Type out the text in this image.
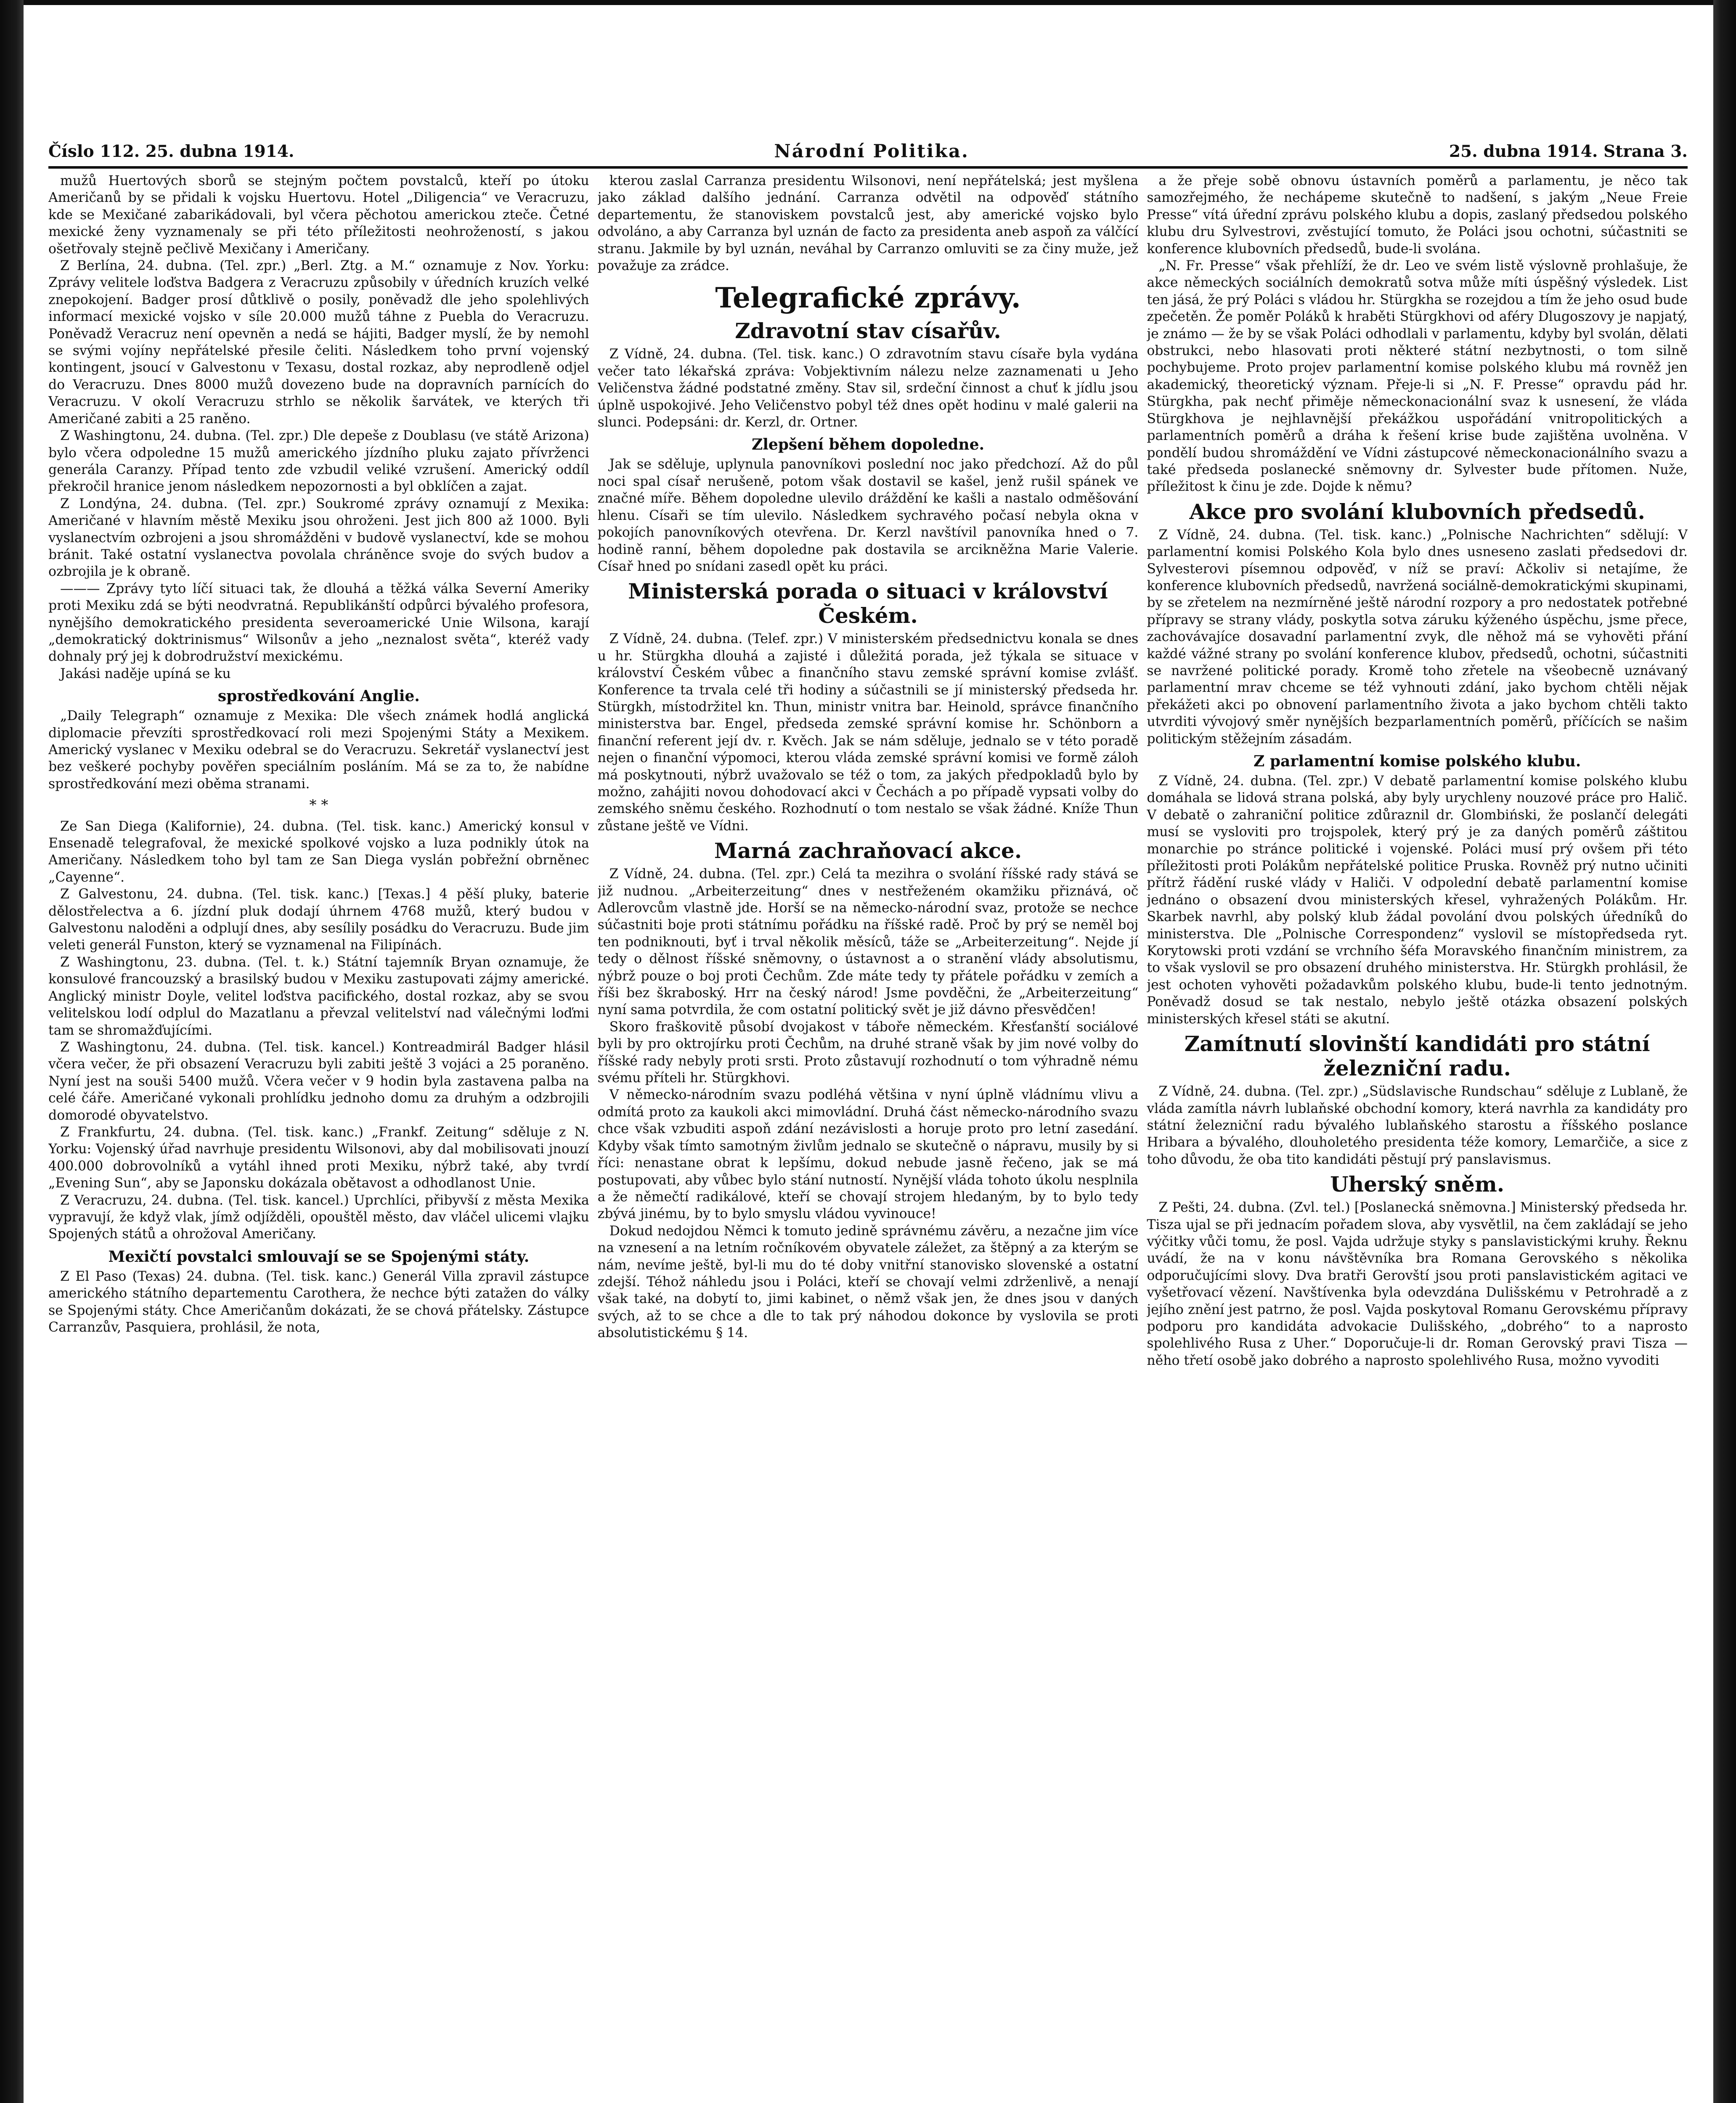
Číslo 112. 25. dubna 1914.	Národní Politika.	25. dubna 1914. Strana 3.

mužů Huertových sborů se stejným počtem povstalců, kteří po útoku Američanů by se přidali k vojsku Huertovu. Hotel „Diligencia“ ve Veracruzu, kde se Mexičané zabarikádovali, byl včera pěchotou americkou zteče. Četné mexické ženy vyznamenaly se při této příležitosti neohrožeností, s jakou ošetřovaly stejně pečlivě Mexičany i Američany.

Z Berlína, 24. dubna. (Tel. zpr.) „Berl. Ztg. a M.“ oznamuje z Nov. Yorku: Zprávy velitele loďstva Badgera z Veracruzu způsobily v úředních kruzích velké znepokojení. Badger prosí důtklivě o posily, poněvadž dle jeho spolehlivých informací mexické vojsko v síle 20.000 mužů táhne z Puebla do Veracruzu. Poněvadž Veracruz není opevněn a nedá se hájiti, Badger myslí, že by nemohl se svými vojíny nepřátelské přesile čeliti. Následkem toho první vojenský kontingent, jsoucí v Galvestonu v Texasu, dostal rozkaz, aby neprodleně odjel do Veracruzu. Dnes 8000 mužů dovezeno bude na dopravních parnících do Veracruzu. V okolí Veracruzu strhlo se několik šarvátek, ve kterých tři Američané zabiti a 25 raněno.

Z Washingtonu, 24. dubna. (Tel. zpr.) Dle depeše z Doublasu (ve státě Arizona) bylo včera odpoledne 15 mužů amerického jízdního pluku zajato přívrženci generála Caranzy. Případ tento zde vzbudil veliké vzrušení. Americký oddíl překročil hranice jenom následkem nepozornosti a byl obklíčen a zajat.

Z Londýna, 24. dubna. (Tel. zpr.) Soukromé zprávy oznamují z Mexika: Američané v hlavním městě Mexiku jsou ohroženi. Jest jich 800 až 1000. Byli vyslanectvím ozbrojeni a jsou shromážděni v budově vyslanectví, kde se mohou bránit. Také ostatní vyslanectva povolala chráněnce svoje do svých budov a ozbrojila je k obraně.

——— Zprávy tyto líčí situaci tak, že dlouhá a těžká válka Severní Ameriky proti Mexiku zdá se býti neodvratná. Republikánští odpůrci bývalého profesora, nynějšího demokratického presidenta severoamerické Unie Wilsona, karají „demokratický doktrinismus“ Wilsonův a jeho „neznalost světa“, kteréž vady dohnaly prý jej k dobrodružství mexickému.

Jakási naděje upíná se ku

sprostředkování Anglie.

„Daily Telegraph“ oznamuje z Mexika: Dle všech známek hodlá anglická diplomacie převzíti sprostředkovací roli mezi Spojenými Státy a Mexikem. Americký vyslanec v Mexiku odebral se do Veracruzu. Sekretář vyslanectví jest bez veškeré pochyby pověřen speciálním posláním. Má se za to, že nabídne sprostředkování mezi oběma stranami.

* *

Ze San Diega (Kalifornie), 24. dubna. (Tel. tisk. kanc.) Americký konsul v Ensenadě telegrafoval, že mexické spolkové vojsko a luza podnikly útok na Američany. Následkem toho byl tam ze San Diega vyslán pobřežní obrněnec „Cayenne“.

Z Galvestonu, 24. dubna. (Tel. tisk. kanc.) [Texas.] 4 pěší pluky, baterie dělostřelectva a 6. jízdní pluk dodají úhrnem 4768 mužů, který budou v Galvestonu naloděni a odplují dnes, aby sesílily posádku do Veracruzu. Bude jim veleti generál Funston, který se vyznamenal na Filipínách.

Z Washingtonu, 23. dubna. (Tel. t. k.) Státní tajemník Bryan oznamuje, že konsulové francouzský a brasilský budou v Mexiku zastupovati zájmy americké. Anglický ministr Doyle, velitel loďstva pacifického, dostal rozkaz, aby se svou velitelskou lodí odplul do Mazatlanu a převzal velitelství nad válečnými loďmi tam se shromažďujícími.

Z Washingtonu, 24. dubna. (Tel. tisk. kancel.) Kontreadmirál Badger hlásil včera večer, že při obsazení Veracruzu byli zabiti ještě 3 vojáci a 25 poraněno. Nyní jest na souši 5400 mužů. Včera večer v 9 hodin byla zastavena palba na celé čáře. Američané vykonali prohlídku jednoho domu za druhým a odzbrojili domorodé obyvatelstvo.

Z Frankfurtu, 24. dubna. (Tel. tisk. kanc.) „Frankf. Zeitung“ sděluje z N. Yorku: Vojenský úřad navrhuje presidentu Wilsonovi, aby dal mobilisovati jnouzí 400.000 dobrovolníků a vytáhl ihned proti Mexiku, nýbrž také, aby tvrdí „Evening Sun“, aby se Japonsku dokázala obětavost a odhodlanost Unie.

Z Veracruzu, 24. dubna. (Tel. tisk. kancel.) Uprchlíci, přibyvší z města Mexika vypravují, že když vlak, jímž odjížděli, opouštěl město, dav vláčel ulicemi vlajku Spojených států a ohrožoval Američany.

Mexičtí povstalci smlouvají se se Spojenými státy.

Z El Paso (Texas) 24. dubna. (Tel. tisk. kanc.) Generál Villa zpravil zástupce amerického státního departementu Carothera, že nechce býti zatažen do války se Spojenými státy. Chce Američanům dokázati, že se chová přátelsky. Zástupce Carranzův, Pasquiera, prohlásil, že nota,

kterou zaslal Carranza presidentu Wilsonovi, není nepřátelská; jest myšlena jako základ dalšího jednání. Carranza odvětil na odpověď státního departementu, že stanoviskem povstalců jest, aby americké vojsko bylo odvoláno, a aby Carranza byl uznán de facto za presidenta aneb aspoň za válčící stranu. Jakmile by byl uznán, neváhal by Carranzo omluviti se za činy muže, jež považuje za zrádce.

Telegrafické zprávy.
Zdravotní stav císařův.

Z Vídně, 24. dubna. (Tel. tisk. kanc.) O zdravotním stavu císaře byla vydána večer tato lékařská zpráva: Vobjektivním nálezu nelze zaznamenati u Jeho Veličenstva žádné podstatné změny. Stav sil, srdeční činnost a chuť k jídlu jsou úplně uspokojivé. Jeho Veličenstvo pobyl též dnes opět hodinu v malé galerii na slunci. Podepsáni: dr. Kerzl, dr. Ortner.

Zlepšení během dopoledne.

Jak se sděluje, uplynula panovníkovi poslední noc jako předchozí. Až do půl noci spal císař nerušeně, potom však dostavil se kašel, jenž rušil spánek ve značné míře. Během dopoledne ulevilo dráždění ke kašli a nastalo odměšování hlenu. Císaři se tím ulevilo. Následkem sychravého počasí nebyla okna v pokojích panovníkových otevřena. Dr. Kerzl navštívil panovníka hned o 7. hodině ranní, během dopoledne pak dostavila se arcikněžna Marie Valerie. Císař hned po snídani zasedl opět ku práci.

Ministerská porada o situaci v království Českém.

Z Vídně, 24. dubna. (Telef. zpr.) V ministerském předsednictvu konala se dnes u hr. Stürgkha dlouhá a zajisté i důležitá porada, jež týkala se situace v království Českém vůbec a finančního stavu zemské správní komise zvlášť. Konference ta trvala celé tři hodiny a súčastnili se jí ministerský předseda hr. Stürgkh, místodržitel kn. Thun, ministr vnitra bar. Heinold, správce finančního ministerstva bar. Engel, předseda zemské správní komise hr. Schönborn a finanční referent její dv. r. Kvěch. Jak se nám sděluje, jednalo se v této poradě nejen o finanční výpomoci, kterou vláda zemské správní komisi ve formě záloh má poskytnouti, nýbrž uvažovalo se též o tom, za jakých předpokladů bylo by možno, zahájiti novou dohodovací akci v Čechách a po případě vypsati volby do zemského sněmu českého. Rozhodnutí o tom nestalo se však žádné. Kníže Thun zůstane ještě ve Vídni.

Marná zachraňovací akce.

Z Vídně, 24. dubna. (Tel. zpr.) Celá ta mezihra o svolání říšské rady stává se již nudnou. „Arbeiterzeitung“ dnes v nestřeženém okamžiku přiznává, oč Adlerovcům vlastně jde. Horší se na německo-národní svaz, protože se nechce súčastniti boje proti státnímu pořádku na říšské radě. Proč by prý se neměl boj ten podniknouti, byť i trval několik měsíců, táže se „Arbeiterzeitung“. Nejde jí tedy o dělnost říšské sněmovny, o ústavnost a o stranění vlády absolutismu, nýbrž pouze o boj proti Čechům. Zde máte tedy ty přátele pořádku v zemích a říši bez škraboský. Hrr na český národ! Jsme povděčni, že „Arbeiterzeitung“ nyní sama potvrdila, že com ostatní politický svět je již dávno přesvědčen!

Skoro fraškovitě působí dvojakost v táboře německém. Křesťanští sociálové byli by pro oktrojírku proti Čechům, na druhé straně však by jim nové volby do říšské rady nebyly proti srsti. Proto zůstavují rozhodnutí o tom výhradně nému svému příteli hr. Stürgkhovi.

V německo-národním svazu podléhá většina v nyní úplně vládnímu vlivu a odmítá proto za kaukoli akci mimovládní. Druhá část německo-národního svazu chce však vzbuditi aspoň zdání nezávislosti a horuje proto pro letní zasedání. Kdyby však tímto samotným živlům jednalo se skutečně o nápravu, musily by si říci: nenastane obrat k lepšímu, dokud nebude jasně řečeno, jak se má postupovati, aby vůbec bylo stání nutností. Nynější vláda tohoto úkolu nesplnila a že němečtí radikálové, kteří se chovají strojem hledaným, by to bylo tedy zbývá jinému, by to bylo smyslu vládou vyvinouce!

Dokud nedojdou Němci k tomuto jedině správnému závěru, a nezačne jim více na vznesení a na letním ročníkovém obyvatele záležet, za štěpný a za kterým se nám, nevíme ještě, byl-li mu do té doby vnitřní stanovisko slovenské a ostatní zdejší. Téhož náhledu jsou i Poláci, kteří se chovají velmi zdrženlivě, a nenají však také, na dobytí to, jimi kabinet, o němž však jen, že dnes jsou v daných svých, až to se chce a dle to tak prý náhodou dokonce by vyslovila se proti absolutistickému § 14.

a že přeje sobě obnovu ústavních poměrů a parlamentu, je něco tak samozřejmého, že nechápeme skutečně to nadšení, s jakým „Neue Freie Presse“ vítá úřední zprávu polského klubu a dopis, zaslaný předsedou polského klubu dru Sylvestrovi, zvěstující tomuto, že Poláci jsou ochotni, súčastniti se konference klubovních předsedů, bude-li svolána.

„N. Fr. Presse“ však přehlíží, že dr. Leo ve svém listě výslovně prohlašuje, že akce německých sociálních demokratů sotva může míti úspěšný výsledek. List ten jásá, že prý Poláci s vládou hr. Stürgkha se rozejdou a tím že jeho osud bude zpečetěn. Že poměr Poláků k hraběti Stürgkhovi od aféry Dlugoszovy je napjatý, je známo — že by se však Poláci odhodlali v parlamentu, kdyby byl svolán, dělati obstrukci, nebo hlasovati proti některé státní nezbytnosti, o tom silně pochybujeme. Proto projev parlamentní komise polského klubu má rovněž jen akademický, theoretický význam. Přeje-li si „N. F. Presse“ opravdu pád hr. Stürgkha, pak nechť přiměje německonacionální svaz k usnesení, že vláda Stürgkhova je nejhlavnější překážkou uspořádání vnitropolitických a parlamentních poměrů a dráha k řešení krise bude zajištěna uvolněna. V pondělí budou shromáždění ve Vídni zástupcové německonacionálního svazu a také předseda poslanecké sněmovny dr. Sylvester bude přítomen. Nuže, příležitost k činu je zde. Dojde k němu?

Akce pro svolání klubovních předsedů.

Z Vídně, 24. dubna. (Tel. tisk. kanc.) „Polnische Nachrichten“ sdělují: V parlamentní komisi Polského Kola bylo dnes usneseno zaslati předsedovi dr. Sylvesterovi písemnou odpověď, v níž se praví: Ačkoliv si netajíme, že konference klubovních předsedů, navržená sociálně-demokratickými skupinami, by se zřetelem na nezmírněné ještě národní rozpory a pro nedostatek potřebné přípravy se strany vlády, poskytla sotva záruku kýženého úspěchu, jsme přece, zachovávajíce dosavadní parlamentní zvyk, dle něhož má se vyhověti přání každé vážné strany po svolání konference klubov, předsedů, ochotni, súčastniti se navržené politické porady. Kromě toho zřetele na všeobecně uznávaný parlamentní mrav chceme se též vyhnouti zdání, jako bychom chtěli nějak překážeti akci po obnovení parlamentního života a jako bychom chtěli takto utvrditi vývojový směr nynějších bezparlamentních poměrů, příčících se našim politickým stěžejním zásadám.

Z parlamentní komise polského klubu.

Z Vídně, 24. dubna. (Tel. zpr.) V debatě parlamentní komise polského klubu domáhala se lidová strana polská, aby byly urychleny nouzové práce pro Halič. V debatě o zahraniční politice zdůraznil dr. Glombiński, že poslančí delegáti musí se vysloviti pro trojspolek, který prý je za daných poměrů záštitou monarchie po stránce politické i vojenské. Poláci musí prý ovšem při této příležitosti proti Polákům nepřátelské politice Pruska. Rovněž prý nutno učiniti přítrž řádění ruské vlády v Haliči. V odpolední debatě parlamentní komise jednáno o obsazení dvou ministerských křesel, vyhražených Polákům. Hr. Skarbek navrhl, aby polský klub žádal povolání dvou polských úředníků do ministerstva. Dle „Polnische Correspondenz“ vyslovil se místopředseda ryt. Korytowski proti vzdání se vrchního šéfa Moravského finančním ministrem, za to však vyslovil se pro obsazení druhého ministerstva. Hr. Stürgkh prohlásil, že jest ochoten vyhověti požadavkům polského klubu, bude-li tento jednotným. Poněvadž dosud se tak nestalo, nebylo ještě otázka obsazení polských ministerských křesel státi se akutní.

Zamítnutí slovinští kandidáti pro státní železniční radu.

Z Vídně, 24. dubna. (Tel. zpr.) „Südslavische Rundschau“ sděluje z Lublaně, že vláda zamítla návrh lublaňské obchodní komory, která navrhla za kandidáty pro státní železniční radu bývalého lublaňského starostu a říšského poslance Hribara a bývalého, dlouholetého presidenta téže komory, Lemarčiče, a sice z toho důvodu, že oba tito kandidáti pěstují prý panslavismus.

Uherský sněm.

Z Pešti, 24. dubna. (Zvl. tel.) [Poslanecká sněmovna.] Ministerský předseda hr. Tisza ujal se při jednacím pořadem slova, aby vysvětlil, na čem zakládají se jeho výčitky vůči tomu, že posl. Vajda udržuje styky s panslavistickými kruhy. Řeknu uvádí, že na v konu návštěvníka bra Romana Gerovského s několika odporučujícími slovy. Dva bratři Gerovští jsou proti panslavistickém agitaci ve vyšetřovací vězení. Navštívenka byla odevzdána Dulišskému v Petrohradě a z jejího znění jest patrno, že posl. Vajda poskytoval Romanu Gerovskému přípravy podporu pro kandidáta advokacie Dulišského, „dobrého“ to a naprosto spolehlivého Rusa z Uher.“ Doporučuje-li dr. Roman Gerovský pravi Tisza — něho třetí osobě jako dobrého a naprosto spolehlivého Rusa, možno vyvoditi
